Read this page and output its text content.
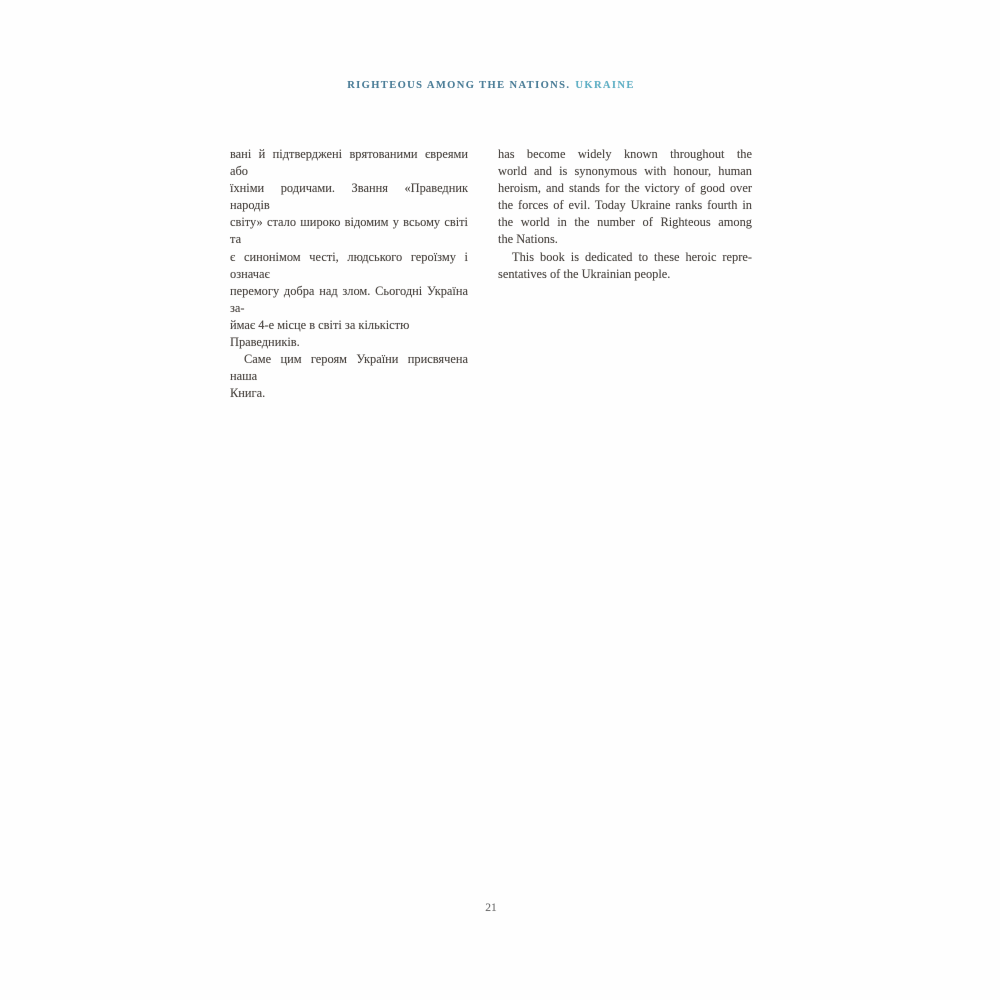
RIGHTEOUS AMONG THE NATIONS. UKRAINE
вані й підтверджені врятованими євреями або
їхніми родичами. Звання «Праведник народів
світу» стало широко відомим у всьому світі та
є синонімом честі, людського героїзму і означає
перемогу добра над злом. Сьогодні Україна за-
ймає 4-е місце в світі за кількістю Праведників.
Саме цим героям України присвячена наша
Книга.
has become widely known throughout the
world and is synonymous with honour, human
heroism, and stands for the victory of good over
the forces of evil. Today Ukraine ranks fourth in
the world in the number of Righteous among
the Nations.
This book is dedicated to these heroic repre-
sentatives of the Ukrainian people.
21
